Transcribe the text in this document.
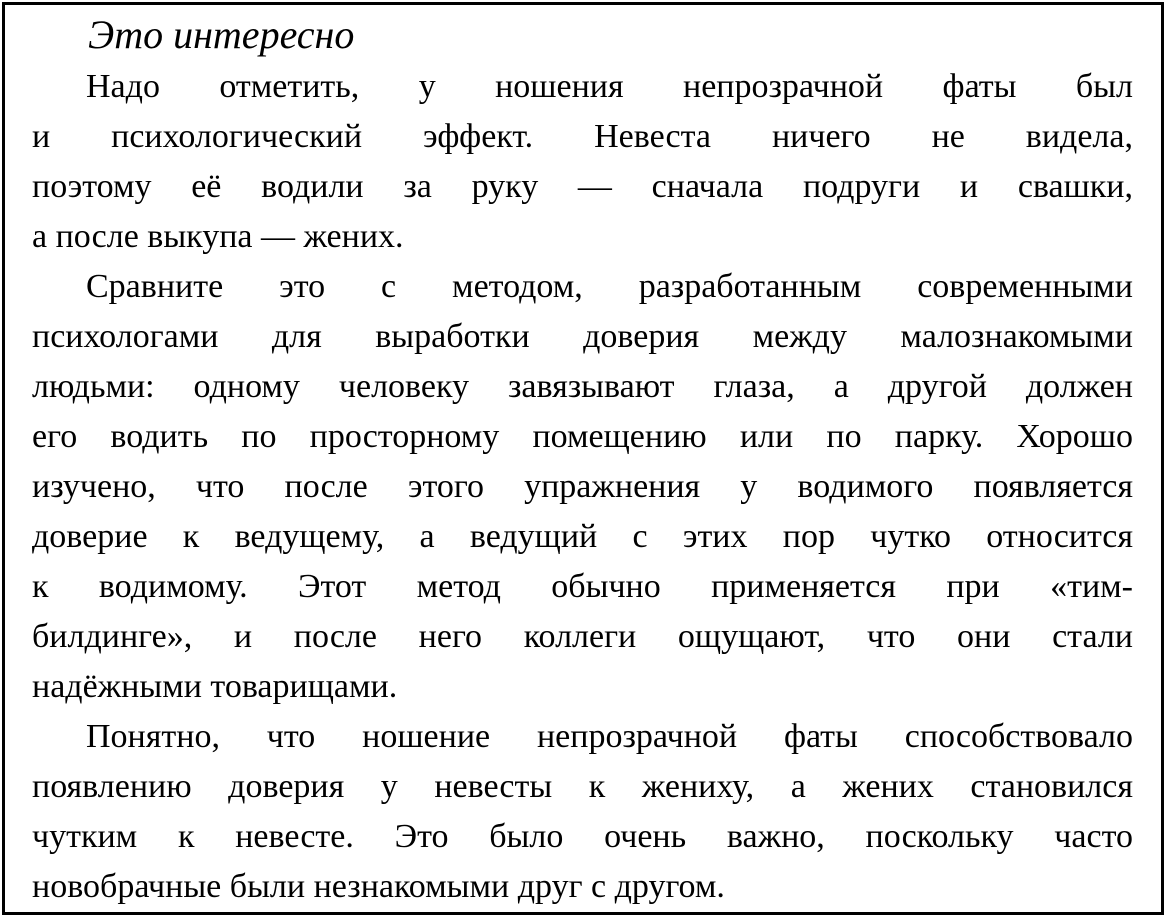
Это интересно
Надо отметить, у ношения непрозрачной фаты был
и психологический эффект. Невеста ничего не видела,
поэтому её водили за руку — сначала подруги и свашки,
а после выкупа — жених.
Сравните это с методом, разработанным современными
психологами для выработки доверия между малознакомыми
людьми: одному человеку завязывают глаза, а другой должен
его водить по просторному помещению или по парку. Хорошо
изучено, что после этого упражнения у водимого появляется
доверие к ведущему, а ведущий с этих пор чутко относится
к водимому. Этот метод обычно применяется при «тим-
билдинге», и после него коллеги ощущают, что они стали
надёжными товарищами.
Понятно, что ношение непрозрачной фаты способствовало
появлению доверия у невесты к жениху, а жених становился
чутким к невесте. Это было очень важно, поскольку часто
новобрачные были незнакомыми друг с другом.
